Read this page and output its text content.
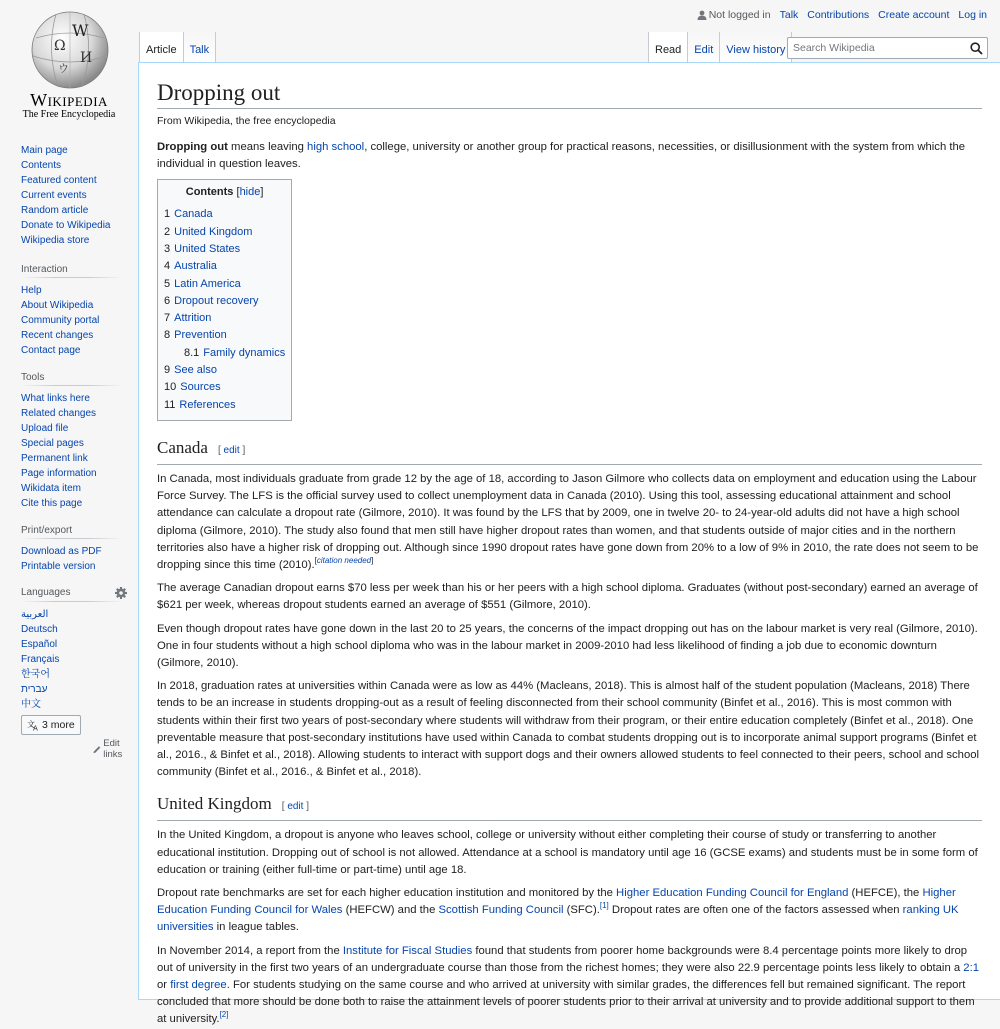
Ω
W
И
ウ
Wikipedia
The Free Encyclopedia
Not logged in Talk Contributions Create account Log in
Article	Talk	Read	Edit	View history
Search Wikipedia
Main page
Contents
Featured content
Current events
Random article
Donate to Wikipedia
Wikipedia store
Interaction
Help
About Wikipedia
Community portal
Recent changes
Contact page
Tools
What links here
Related changes
Upload file
Special pages
Permanent link
Page information
Wikidata item
Cite this page
Print/export
Download as PDF
Printable version
Languages
العربية
Deutsch
Español
Français
한국어
עברית
中文
文
A 3 more
Edit links
Dropping out
From Wikipedia, the free encyclopedia

Dropping out means leaving high school, college, university or another group for practical reasons, necessities, or disillusionment with the system from which the individual in question leaves.

Contents [hide]
1 Canada
2 United Kingdom
3 United States
4 Australia
5 Latin America
6 Dropout recovery
7 Attrition
8 Prevention
8.1 Family dynamics
9 See also
10 Sources
11 References
Canada [ edit ]

In Canada, most individuals graduate from grade 12 by the age of 18, according to Jason Gilmore who collects data on employment and education using the Labour Force Survey. The LFS is the official survey used to collect unemployment data in Canada (2010). Using this tool, assessing educational attainment and school attendance can calculate a dropout rate (Gilmore, 2010). It was found by the LFS that by 2009, one in twelve 20- to 24-year-old adults did not have a high school diploma (Gilmore, 2010). The study also found that men still have higher dropout rates than women, and that students outside of major cities and in the northern territories also have a higher risk of dropping out. Although since 1990 dropout rates have gone down from 20% to a low of 9% in 2010, the rate does not seem to be dropping since this time (2010).[citation needed]

The average Canadian dropout earns $70 less per week than his or her peers with a high school diploma. Graduates (without post-secondary) earned an average of $621 per week, whereas dropout students earned an average of $551 (Gilmore, 2010).

Even though dropout rates have gone down in the last 20 to 25 years, the concerns of the impact dropping out has on the labour market is very real (Gilmore, 2010). One in four students without a high school diploma who was in the labour market in 2009-2010 had less likelihood of finding a job due to economic downturn (Gilmore, 2010).

In 2018, graduation rates at universities within Canada were as low as 44% (Macleans, 2018). This is almost half of the student population (Macleans, 2018) There tends to be an increase in students dropping-out as a result of feeling disconnected from their school community (Binfet et al., 2016). This is most common with students within their first two years of post-secondary where students will withdraw from their program, or their entire education completely (Binfet et al., 2018). One preventable measure that post-secondary institutions have used within Canada to combat students dropping out is to incorporate animal support programs (Binfet et al., 2016., & Binfet et al., 2018). Allowing students to interact with support dogs and their owners allowed students to feel connected to their peers, school and school community (Binfet et al., 2016., & Binfet et al., 2018).

United Kingdom [ edit ]

In the United Kingdom, a dropout is anyone who leaves school, college or university without either completing their course of study or transferring to another educational institution. Dropping out of school is not allowed. Attendance at a school is mandatory until age 16 (GCSE exams) and students must be in some form of education or training (either full-time or part-time) until age 18.

Dropout rate benchmarks are set for each higher education institution and monitored by the Higher Education Funding Council for England (HEFCE), the Higher Education Funding Council for Wales (HEFCW) and the Scottish Funding Council (SFC).[1] Dropout rates are often one of the factors assessed when ranking UK universities in league tables.

In November 2014, a report from the Institute for Fiscal Studies found that students from poorer home backgrounds were 8.4 percentage points more likely to drop out of university in the first two years of an undergraduate course than those from the richest homes; they were also 22.9 percentage points less likely to obtain a 2:1 or first degree. For students studying on the same course and who arrived at university with similar grades, the differences fell but remained significant. The report concluded that more should be done both to raise the attainment levels of poorer students prior to their arrival at university and to provide additional support to them at university.[2]
